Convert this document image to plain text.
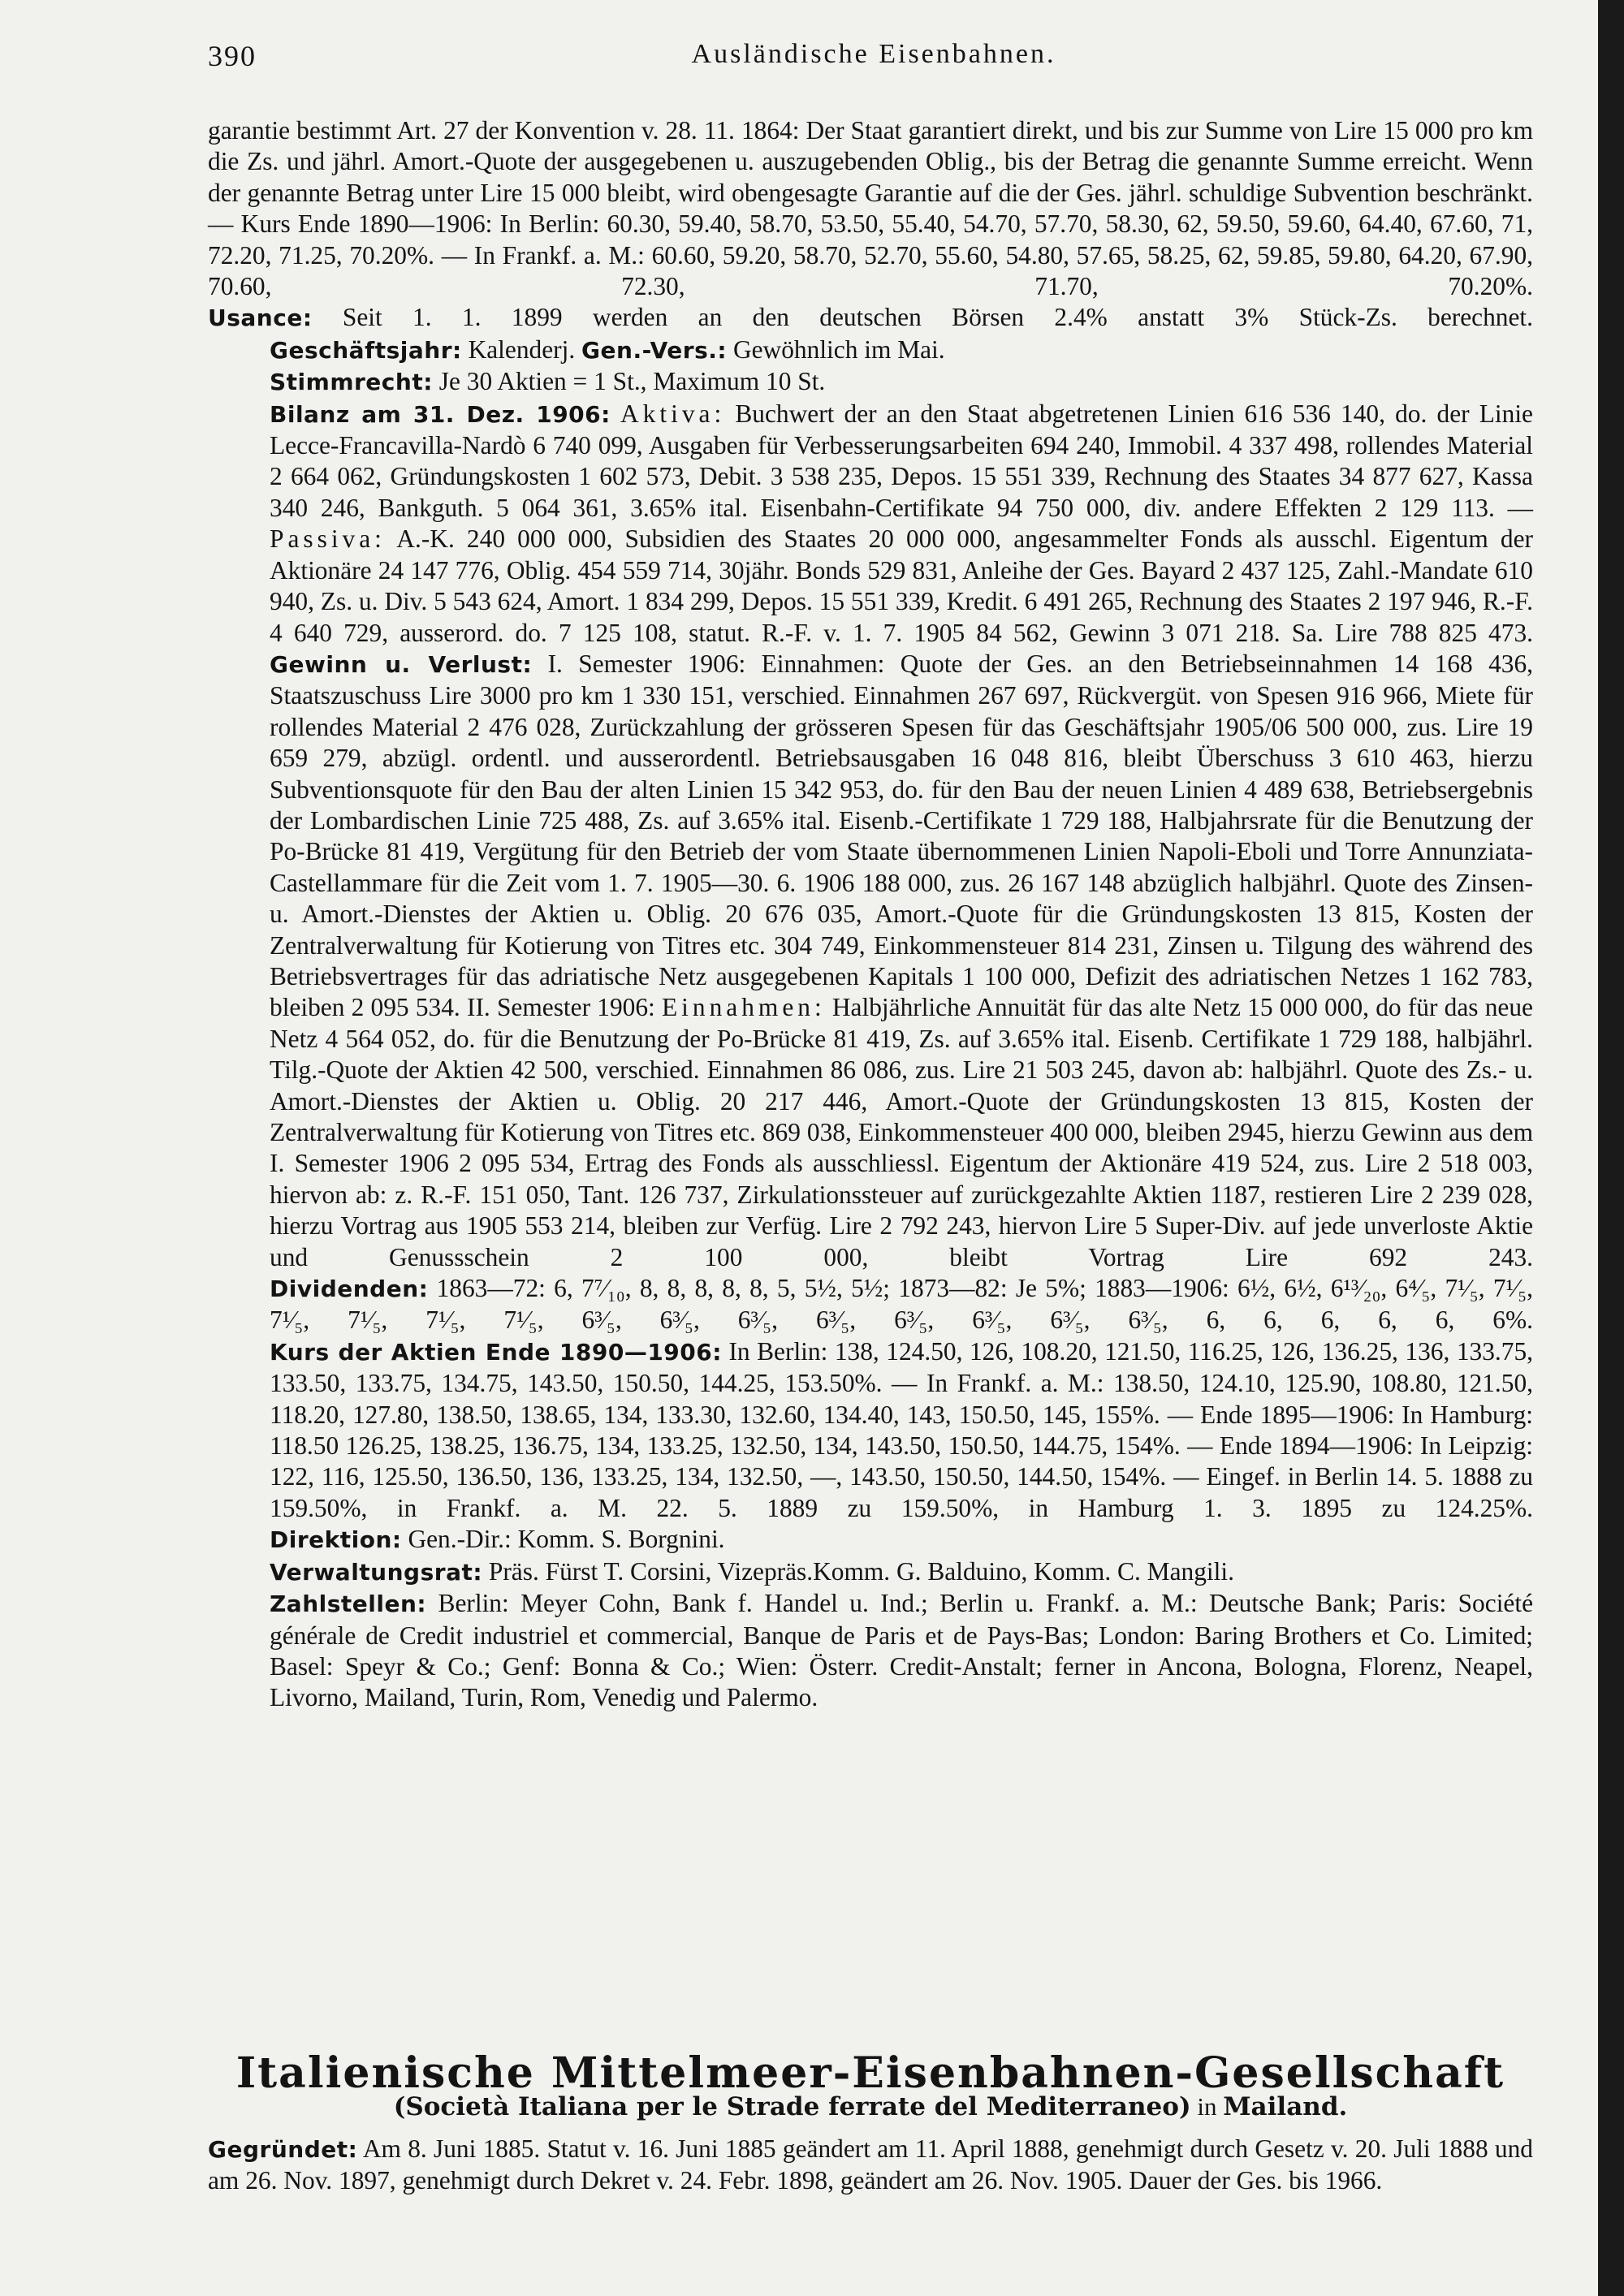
390	Ausländische Eisenbahnen.

garantie bestimmt Art. 27 der Konvention v. 28. 11. 1864: Der Staat garantiert direkt, und bis zur Summe von Lire 15 000 pro km die Zs. und jährl. Amort.-Quote der ausgegebenen u. auszugebenden Oblig., bis der Betrag die genannte Summe erreicht. Wenn der genannte Betrag unter Lire 15 000 bleibt, wird obengesagte Garantie auf die der Ges. jährl. schuldige Subvention beschränkt. — Kurs Ende 1890—1906: In Berlin: 60.30, 59.40, 58.70, 53.50, 55.40, 54.70, 57.70, 58.30, 62, 59.50, 59.60, 64.40, 67.60, 71, 72.20, 71.25, 70.20%. — In Frankf. a. M.: 60.60, 59.20, 58.70, 52.70, 55.60, 54.80, 57.65, 58.25, 62, 59.85, 59.80, 64.20, 67.90, 70.60, 72.30, 71.70, 70.20%.

Usance: Seit 1. 1. 1899 werden an den deutschen Börsen 2.4% anstatt 3% Stück-Zs. berechnet.

Geschäftsjahr: Kalenderj. Gen.-Vers.: Gewöhnlich im Mai.

Stimmrecht: Je 30 Aktien = 1 St., Maximum 10 St.

Bilanz am 31. Dez. 1906: Aktiva: Buchwert der an den Staat abgetretenen Linien 616 536 140, do. der Linie Lecce-Francavilla-Nardò 6 740 099, Ausgaben für Verbesserungsarbeiten 694 240, Immobil. 4 337 498, rollendes Material 2 664 062, Gründungskosten 1 602 573, Debit. 3 538 235, Depos. 15 551 339, Rechnung des Staates 34 877 627, Kassa 340 246, Bankguth. 5 064 361, 3.65% ital. Eisenbahn-Certifikate 94 750 000, div. andere Effekten 2 129 113. — Passiva: A.-K. 240 000 000, Subsidien des Staates 20 000 000, angesammelter Fonds als ausschl. Eigentum der Aktionäre 24 147 776, Oblig. 454 559 714, 30jähr. Bonds 529 831, Anleihe der Ges. Bayard 2 437 125, Zahl.-Mandate 610 940, Zs. u. Div. 5 543 624, Amort. 1 834 299, Depos. 15 551 339, Kredit. 6 491 265, Rechnung des Staates 2 197 946, R.-F. 4 640 729, ausserord. do. 7 125 108, statut. R.-F. v. 1. 7. 1905 84 562, Gewinn 3 071 218. Sa. Lire 788 825 473.

Gewinn u. Verlust: I. Semester 1906: Einnahmen: Quote der Ges. an den Betriebseinnahmen 14 168 436, Staatszuschuss Lire 3000 pro km 1 330 151, verschied. Einnahmen 267 697, Rückvergüt. von Spesen 916 966, Miete für rollendes Material 2 476 028, Zurückzahlung der grösseren Spesen für das Geschäftsjahr 1905/06 500 000, zus. Lire 19 659 279, abzügl. ordentl. und ausserordentl. Betriebsausgaben 16 048 816, bleibt Überschuss 3 610 463, hierzu Subventionsquote für den Bau der alten Linien 15 342 953, do. für den Bau der neuen Linien 4 489 638, Betriebsergebnis der Lombardischen Linie 725 488, Zs. auf 3.65% ital. Eisenb.-Certifikate 1 729 188, Halbjahrsrate für die Benutzung der Po-Brücke 81 419, Vergütung für den Betrieb der vom Staate übernommenen Linien Napoli-Eboli und Torre Annunziata-Castellammare für die Zeit vom 1. 7. 1905—30. 6. 1906 188 000, zus. 26 167 148 abzüglich halbjährl. Quote des Zinsen- u. Amort.-Dienstes der Aktien u. Oblig. 20 676 035, Amort.-Quote für die Gründungskosten 13 815, Kosten der Zentralverwaltung für Kotierung von Titres etc. 304 749, Einkommensteuer 814 231, Zinsen u. Tilgung des während des Betriebsvertrages für das adriatische Netz ausgegebenen Kapitals 1 100 000, Defizit des adriatischen Netzes 1 162 783, bleiben 2 095 534. II. Semester 1906: Einnahmen: Halbjährliche Annuität für das alte Netz 15 000 000, do für das neue Netz 4 564 052, do. für die Benutzung der Po-Brücke 81 419, Zs. auf 3.65% ital. Eisenb. Certifikate 1 729 188, halbjährl. Tilg.-Quote der Aktien 42 500, verschied. Einnahmen 86 086, zus. Lire 21 503 245, davon ab: halbjährl. Quote des Zs.- u. Amort.-Dienstes der Aktien u. Oblig. 20 217 446, Amort.-Quote der Gründungskosten 13 815, Kosten der Zentralverwaltung für Kotierung von Titres etc. 869 038, Einkommensteuer 400 000, bleiben 2945, hierzu Gewinn aus dem I. Semester 1906 2 095 534, Ertrag des Fonds als ausschliessl. Eigentum der Aktionäre 419 524, zus. Lire 2 518 003, hiervon ab: z. R.-F. 151 050, Tant. 126 737, Zirkulationssteuer auf zurückgezahlte Aktien 1187, restieren Lire 2 239 028, hierzu Vortrag aus 1905 553 214, bleiben zur Verfüg. Lire 2 792 243, hiervon Lire 5 Super-Div. auf jede unverloste Aktie und Genussschein 2 100 000, bleibt Vortrag Lire 692 243.

Dividenden: 1863—72: 6, 7⁷⁄₁₀, 8, 8, 8, 8, 8, 5, 5½, 5½; 1873—82: Je 5%; 1883—1906: 6½, 6½, 6¹³⁄₂₀, 6⁴⁄₅, 7¹⁄₅, 7¹⁄₅, 7¹⁄₅, 7¹⁄₅, 7¹⁄₅, 7¹⁄₅, 6³⁄₅, 6³⁄₅, 6³⁄₅, 6³⁄₅, 6³⁄₅, 6³⁄₅, 6³⁄₅, 6³⁄₅, 6, 6, 6, 6, 6, 6%.

Kurs der Aktien Ende 1890—1906: In Berlin: 138, 124.50, 126, 108.20, 121.50, 116.25, 126, 136.25, 136, 133.75, 133.50, 133.75, 134.75, 143.50, 150.50, 144.25, 153.50%. — In Frankf. a. M.: 138.50, 124.10, 125.90, 108.80, 121.50, 118.20, 127.80, 138.50, 138.65, 134, 133.30, 132.60, 134.40, 143, 150.50, 145, 155%. — Ende 1895—1906: In Hamburg: 118.50 126.25, 138.25, 136.75, 134, 133.25, 132.50, 134, 143.50, 150.50, 144.75, 154%. — Ende 1894—1906: In Leipzig: 122, 116, 125.50, 136.50, 136, 133.25, 134, 132.50, —, 143.50, 150.50, 144.50, 154%. — Eingef. in Berlin 14. 5. 1888 zu 159.50%, in Frankf. a. M. 22. 5. 1889 zu 159.50%, in Hamburg 1. 3. 1895 zu 124.25%.

Direktion: Gen.-Dir.: Komm. S. Borgnini.

Verwaltungsrat: Präs. Fürst T. Corsini, Vizepräs.Komm. G. Balduino, Komm. C. Mangili.

Zahlstellen: Berlin: Meyer Cohn, Bank f. Handel u. Ind.; Berlin u. Frankf. a. M.: Deutsche Bank; Paris: Société générale de Credit industriel et commercial, Banque de Paris et de Pays-Bas; London: Baring Brothers et Co. Limited; Basel: Speyr & Co.; Genf: Bonna & Co.; Wien: Österr. Credit-Anstalt; ferner in Ancona, Bologna, Florenz, Neapel, Livorno, Mailand, Turin, Rom, Venedig und Palermo.

Italienische Mittelmeer-Eisenbahnen-Gesellschaft
(Società Italiana per le Strade ferrate del Mediterraneo) in Mailand.

Gegründet: Am 8. Juni 1885. Statut v. 16. Juni 1885 geändert am 11. April 1888, genehmigt durch Gesetz v. 20. Juli 1888 und am 26. Nov. 1897, genehmigt durch Dekret v. 24. Febr. 1898, geändert am 26. Nov. 1905. Dauer der Ges. bis 1966.
